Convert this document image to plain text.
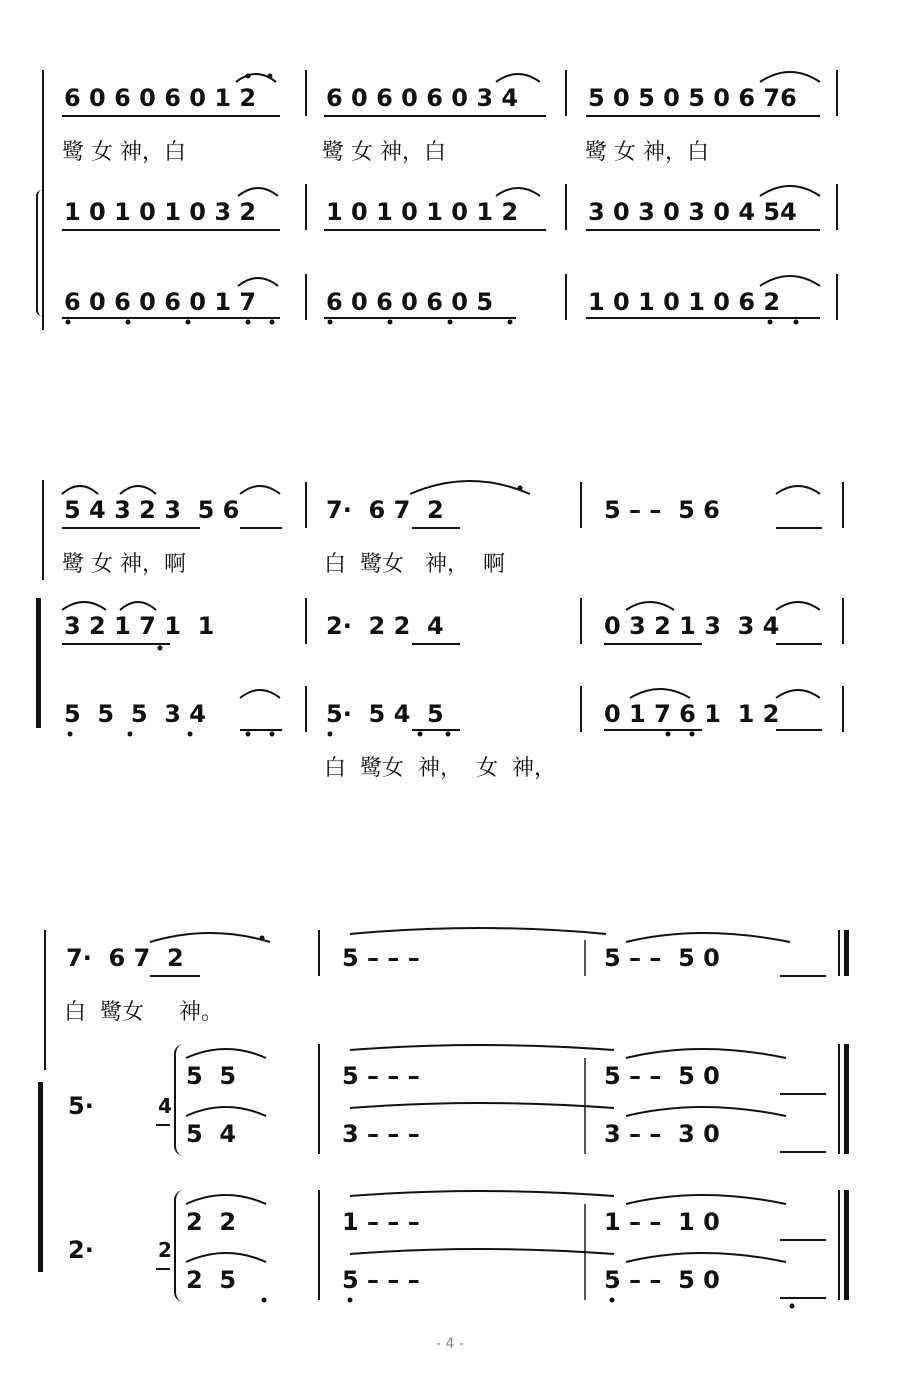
6 0 6 0 6 0 1 2	6 0 6 0 6 0 3 4	5 0 5 0 5 0 6 76
鹭 女 神，白	鹭 女 神，白	鹭 女 神，白
1 0 1 0 1 0 3 2	1 0 1 0 1 0 1 2	3 0 3 0 3 0 4 54
6 0 6 0 6 0 1 7	6 0 6 0 6 0 5	1 0 1 0 1 0 6 2
5 4 3 2 3  5 6	7·  6 7  2	5 – –  5 6
鹭 女 神，啊	白  鹭女   神，  啊
3 2 1 7 1  1	2·  2 2  4	0 3 2 1 3  3 4
5  5  5  3 4	5·  5 4  5	0 1 7 6 1  1 2
白  鹭女  神，  女  神，
7·  6 7  2	5 – – –	5 – –  5 0
白  鹭女     神。
5·	4
5  5	5 – – –	5 – –  5 0
5  4	3 – – –	3 – –  3 0
2·	2
2  2	1 – – –	1 – –  1 0
2  5	5 – – –	5 – –  5 0
- 4 -
